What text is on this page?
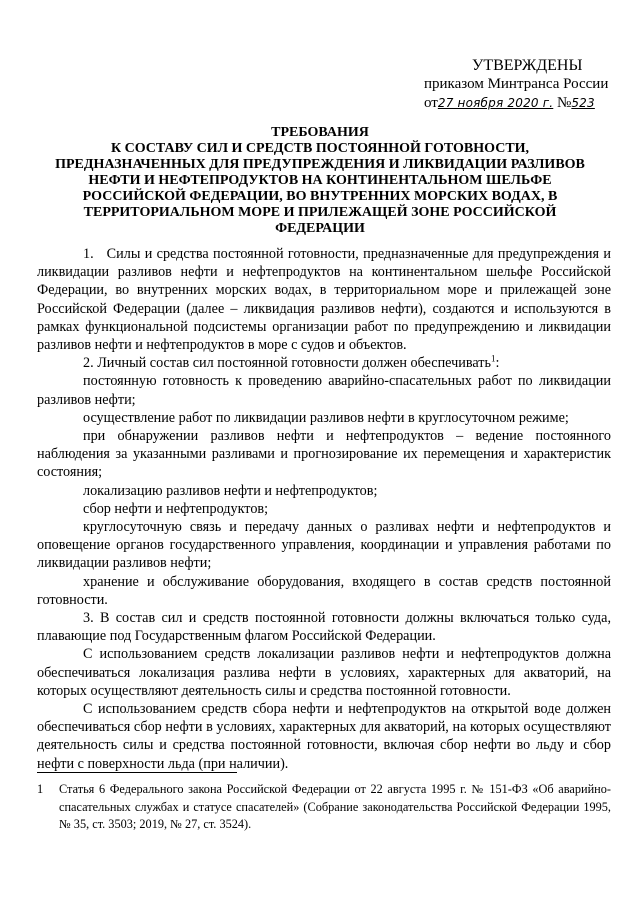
УТВЕРЖДЕНЫ
приказом Минтранса России
от27 ноября 2020 г. №523
ТРЕБОВАНИЯ
К СОСТАВУ СИЛ И СРЕДСТВ ПОСТОЯННОЙ ГОТОВНОСТИ, ПРЕДНАЗНАЧЕННЫХ ДЛЯ ПРЕДУПРЕЖДЕНИЯ И ЛИКВИДАЦИИ РАЗЛИВОВ НЕФТИ И НЕФТЕПРОДУКТОВ НА КОНТИНЕНТАЛЬНОМ ШЕЛЬФЕ РОССИЙСКОЙ ФЕДЕРАЦИИ, ВО ВНУТРЕННИХ МОРСКИХ ВОДАХ, В ТЕРРИТОРИАЛЬНОМ МОРЕ И ПРИЛЕЖАЩЕЙ ЗОНЕ РОССИЙСКОЙ ФЕДЕРАЦИИ

1.   Силы и средства постоянной готовности, предназначенные для предупреждения и ликвидации разливов нефти и нефтепродуктов на континентальном шельфе Российской Федерации, во внутренних морских водах, в территориальном море и прилежащей зоне Российской Федерации (далее – ликвидация разливов нефти), создаются и используются в рамках функциональной подсистемы организации работ по предупреждению и ликвидации разливов нефти и нефтепродуктов в море с судов и объектов.

2. Личный состав сил постоянной готовности должен обеспечивать$^1$:

постоянную готовность к проведению аварийно-спасательных работ по ликвидации разливов нефти;

осуществление работ по ликвидации разливов нефти в круглосуточном режиме;

при обнаружении разливов нефти и нефтепродуктов – ведение постоянного наблюдения за указанными разливами и прогнозирование их перемещения и характеристик состояния;

локализацию разливов нефти и нефтепродуктов;

сбор нефти и нефтепродуктов;

круглосуточную связь и передачу данных о разливах нефти и нефтепродуктов и оповещение органов государственного управления, координации и управления работами по ликвидации разливов нефти;

хранение и обслуживание оборудования, входящего в состав средств постоянной готовности.

3. В состав сил и средств постоянной готовности должны включаться только суда, плавающие под Государственным флагом Российской Федерации.

С использованием средств локализации разливов нефти и нефтепродуктов должна обеспечиваться локализация разлива нефти в условиях, характерных для акваторий, на которых осуществляют деятельность силы и средства постоянной готовности.

С использованием средств сбора нефти и нефтепродуктов на открытой воде должен обеспечиваться сбор нефти в условиях, характерных для акваторий, на которых осуществляют деятельность силы и средства постоянной готовности, включая сбор нефти во льду и сбор нефти с поверхности льда (при наличии).

1 Статья 6 Федерального закона Российской Федерации от 22 августа 1995 г. № 151-ФЗ «Об аварийно-спасательных службах и статусе спасателей» (Собрание законодательства Российской Федерации 1995, № 35, ст. 3503; 2019, № 27, ст. 3524).
